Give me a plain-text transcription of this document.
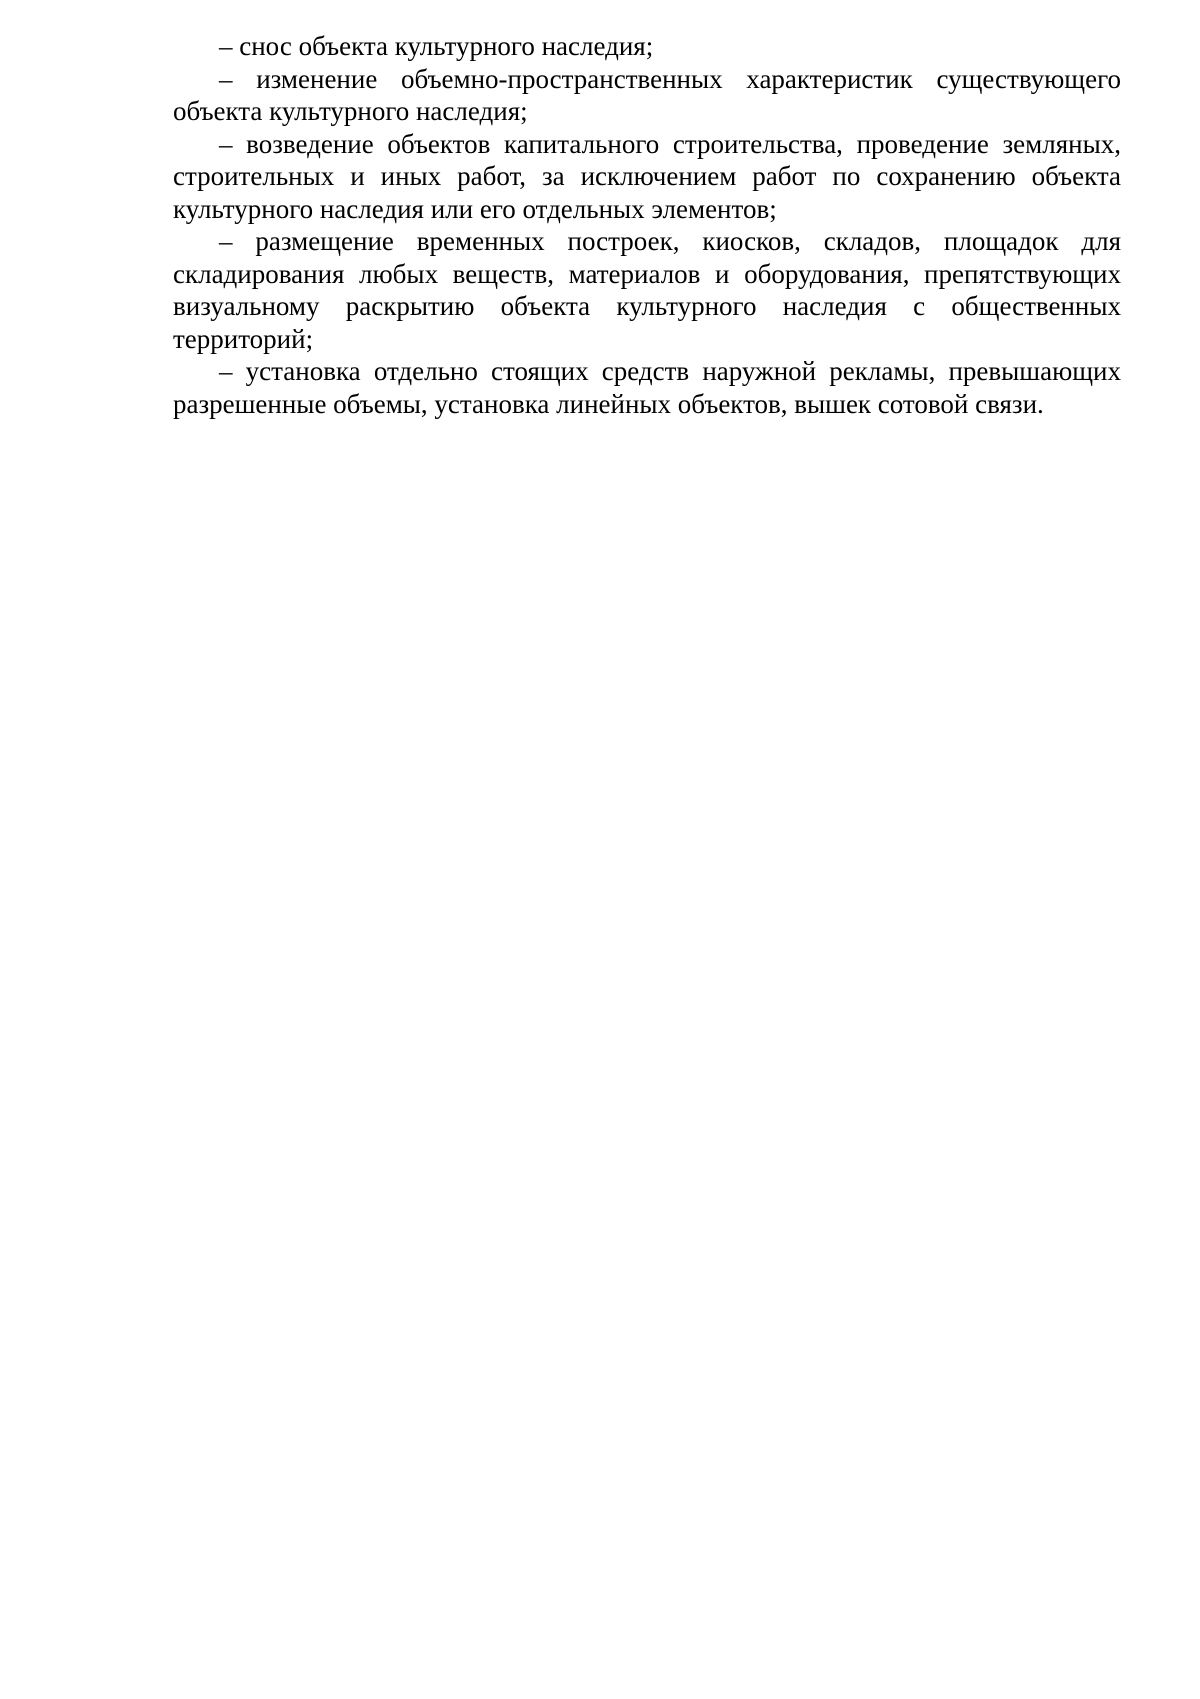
– снос объекта культурного наследия;

– изменение объемно-пространственных характеристик существующего объекта культурного наследия;

– возведение объектов капитального строительства, проведение земляных, строительных и иных работ, за исключением работ по сохранению объекта культурного наследия или его отдельных элементов;

– размещение временных построек, киосков, складов, площадок для складирования любых веществ, материалов и оборудования, препятствующих визуальному раскрытию объекта культурного наследия с общественных территорий;

– установка отдельно стоящих средств наружной рекламы, превышающих разрешенные объемы, установка линейных объектов, вышек сотовой связи.
